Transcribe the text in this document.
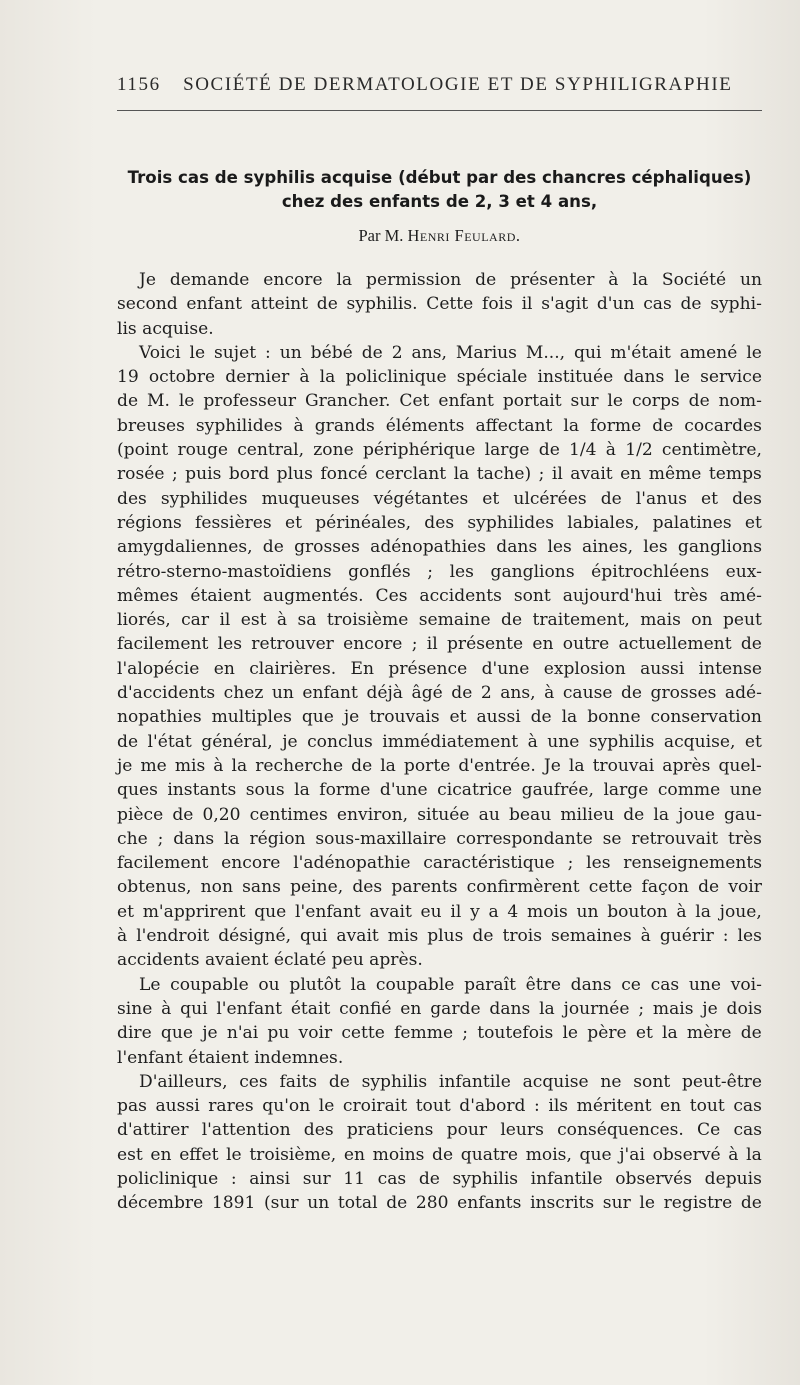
1156 SOCIÉTÉ DE DERMATOLOGIE ET DE SYPHILIGRAPHIE
Trois cas de syphilis acquise (début par des chancres céphaliques)
chez des enfants de 2, 3 et 4 ans,
Par M. Henri Feulard.
Je demande encore la permission de présenter à la Société un
second enfant atteint de syphilis. Cette fois il s'agit d'un cas de syphi-
lis acquise.
Voici le sujet : un bébé de 2 ans, Marius M..., qui m'était amené le
19 octobre dernier à la policlinique spéciale instituée dans le service
de M. le professeur Grancher. Cet enfant portait sur le corps de nom-
breuses syphilides à grands éléments affectant la forme de cocardes
(point rouge central, zone périphérique large de 1/4 à 1/2 centimètre,
rosée ; puis bord plus foncé cerclant la tache) ; il avait en même temps
des syphilides muqueuses végétantes et ulcérées de l'anus et des
régions fessières et périnéales, des syphilides labiales, palatines et
amygdaliennes, de grosses adénopathies dans les aines, les ganglions
rétro-sterno-mastoïdiens gonflés ; les ganglions épitrochléens eux-
mêmes étaient augmentés. Ces accidents sont aujourd'hui très amé-
liorés, car il est à sa troisième semaine de traitement, mais on peut
facilement les retrouver encore ; il présente en outre actuellement de
l'alopécie en clairières. En présence d'une explosion aussi intense
d'accidents chez un enfant déjà âgé de 2 ans, à cause de grosses adé-
nopathies multiples que je trouvais et aussi de la bonne conservation
de l'état général, je conclus immédiatement à une syphilis acquise, et
je me mis à la recherche de la porte d'entrée. Je la trouvai après quel-
ques instants sous la forme d'une cicatrice gaufrée, large comme une
pièce de 0,20 centimes environ, située au beau milieu de la joue gau-
che ; dans la région sous-maxillaire correspondante se retrouvait très
facilement encore l'adénopathie caractéristique ; les renseignements
obtenus, non sans peine, des parents confirmèrent cette façon de voir
et m'apprirent que l'enfant avait eu il y a 4 mois un bouton à la joue,
à l'endroit désigné, qui avait mis plus de trois semaines à guérir : les
accidents avaient éclaté peu après.
Le coupable ou plutôt la coupable paraît être dans ce cas une voi-
sine à qui l'enfant était confié en garde dans la journée ; mais je dois
dire que je n'ai pu voir cette femme ; toutefois le père et la mère de
l'enfant étaient indemnes.
D'ailleurs, ces faits de syphilis infantile acquise ne sont peut-être
pas aussi rares qu'on le croirait tout d'abord : ils méritent en tout cas
d'attirer l'attention des praticiens pour leurs conséquences. Ce cas
est en effet le troisième, en moins de quatre mois, que j'ai observé à la
policlinique : ainsi sur 11 cas de syphilis infantile observés depuis
décembre 1891 (sur un total de 280 enfants inscrits sur le registre de
